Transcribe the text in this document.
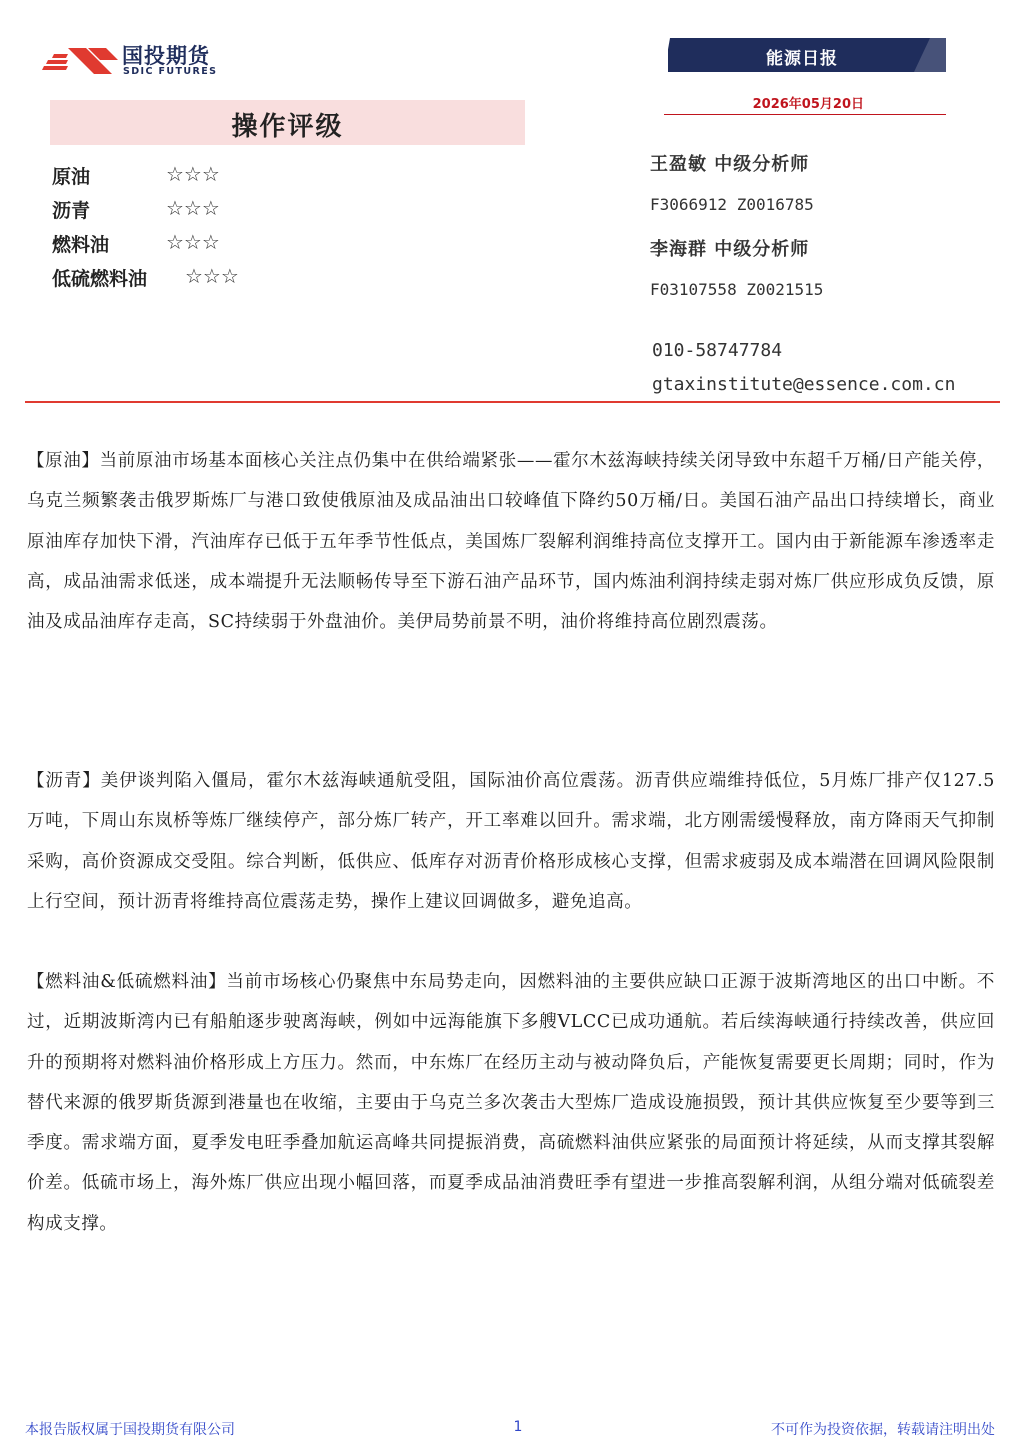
国投期货
SDIC FUTURES
能源日报
2026年05月20日
操作评级
原油	☆☆☆
沥青	☆☆☆
燃料油	☆☆☆
低硫燃料油 ☆☆☆
王盈敏 中级分析师
F3066912 Z0016785
李海群 中级分析师
F03107558 Z0021515
010-58747784
gtaxinstitute@essence.com.cn

【原油】当前原油市场基本面核心关注点仍集中在供给端紧张——霍尔木兹海峡持续关闭导致中东超千万桶/日产能关停，乌克兰频繁袭击俄罗斯炼厂与港口致使俄原油及成品油出口较峰值下降约50万桶/日。美国石油产品出口持续增长，商业原油库存加快下滑，汽油库存已低于五年季节性低点，美国炼厂裂解利润维持高位支撑开工。国内由于新能源车渗透率走高，成品油需求低迷，成本端提升无法顺畅传导至下游石油产品环节，国内炼油利润持续走弱对炼厂供应形成负反馈，原油及成品油库存走高，SC持续弱于外盘油价。美伊局势前景不明，油价将维持高位剧烈震荡。

【沥青】美伊谈判陷入僵局，霍尔木兹海峡通航受阻，国际油价高位震荡。沥青供应端维持低位，5月炼厂排产仅127.5万吨，下周山东岚桥等炼厂继续停产，部分炼厂转产，开工率难以回升。需求端，北方刚需缓慢释放，南方降雨天气抑制采购，高价资源成交受阻。综合判断，低供应、低库存对沥青价格形成核心支撑，但需求疲弱及成本端潜在回调风险限制上行空间，预计沥青将维持高位震荡走势，操作上建议回调做多，避免追高。

【燃料油&低硫燃料油】当前市场核心仍聚焦中东局势走向，因燃料油的主要供应缺口正源于波斯湾地区的出口中断。不过，近期波斯湾内已有船舶逐步驶离海峡，例如中远海能旗下多艘VLCC已成功通航。若后续海峡通行持续改善，供应回升的预期将对燃料油价格形成上方压力。然而，中东炼厂在经历主动与被动降负后，产能恢复需要更长周期；同时，作为替代来源的俄罗斯货源到港量也在收缩，主要由于乌克兰多次袭击大型炼厂造成设施损毁，预计其供应恢复至少要等到三季度。需求端方面，夏季发电旺季叠加航运高峰共同提振消费，高硫燃料油供应紧张的局面预计将延续，从而支撑其裂解价差。低硫市场上，海外炼厂供应出现小幅回落，而夏季成品油消费旺季有望进一步推高裂解利润，从组分端对低硫裂差构成支撑。

本报告版权属于国投期货有限公司	1	不可作为投资依据，转载请注明出处
